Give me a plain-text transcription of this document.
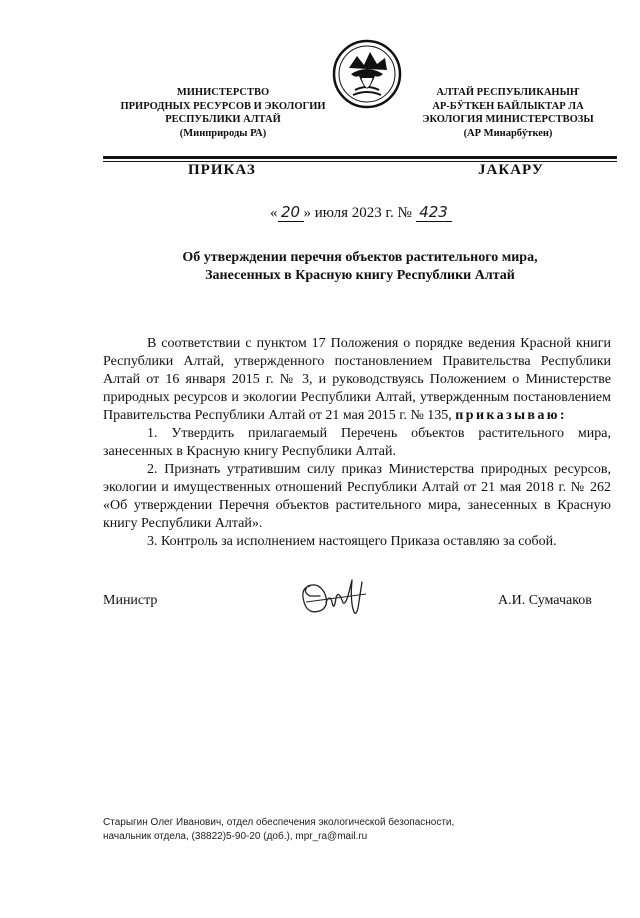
МИНИСТЕРСТВО
ПРИРОДНЫХ РЕСУРСОВ И ЭКОЛОГИИ
РЕСПУБЛИКИ АЛТАЙ
(Минприроды РА)
АЛТАЙ РЕСПУБЛИКАНЫҤ
АР-БӰТКЕН БАЙЛЫКТАР ЛА
ЭКОЛОГИЯ МИНИСТЕРСТВОЗЫ
(АР Минарбӱткен)
ПРИКАЗ	ЈАКАРУ
« 20 » июля 2023 г. № 423
Об утверждении перечня объектов растительного мира,
Занесенных в Красную книгу Республики Алтай

В соответствии с пунктом 17 Положения о порядке ведения Красной книги Республики Алтай, утвержденного постановлением Правительства Республики Алтай от 16 января 2015 г. № 3, и руководствуясь Положением о Министерстве природных ресурсов и экологии Республики Алтай, утвержденным постановлением Правительства Республики Алтай от 21 мая 2015 г. № 135, приказываю:

1. Утвердить прилагаемый Перечень объектов растительного мира, занесенных в Красную книгу Республики Алтай.

2. Признать утратившим силу приказ Министерства природных ресурсов, экологии и имущественных отношений Республики Алтай от 21 мая 2018 г. № 262 «Об утверждении Перечня объектов растительного мира, занесенных в Красную книгу Республики Алтай».

3. Контроль за исполнением настоящего Приказа оставляю за собой.

Министр	А.И. Сумачаков
Старыгин Олег Иванович, отдел обеспечения экологической безопасности,
начальник отдела, (38822)5-90-20 (доб.), mpr_ra@mail.ru
